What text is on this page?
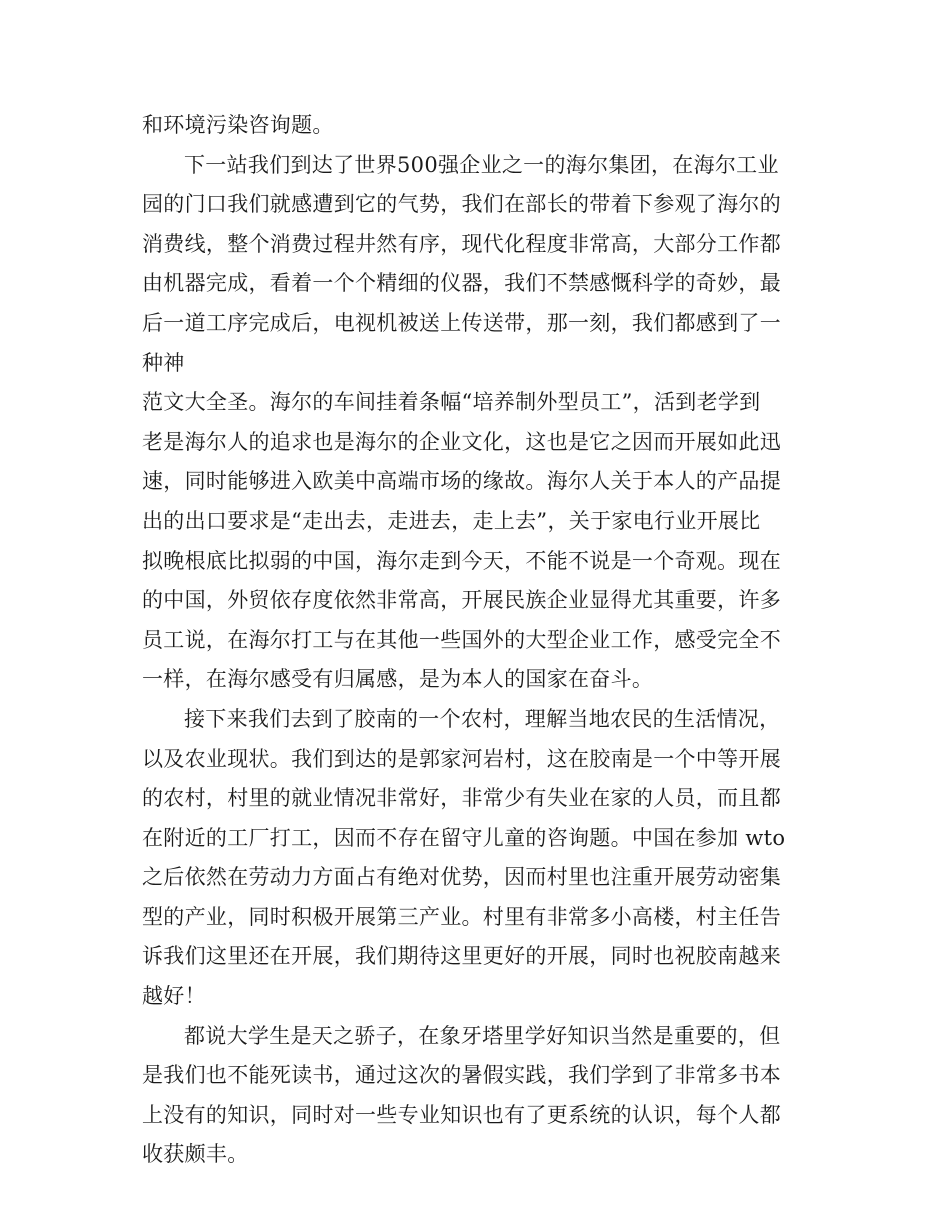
和环境污染咨询题。

下一站我们到达了世界500强企业之一的海尔集团，在海尔工业
园的门口我们就感遭到它的气势，我们在部长的带着下参观了海尔的
消费线，整个消费过程井然有序，现代化程度非常高，大部分工作都
由机器完成，看着一个个精细的仪器，我们不禁感慨科学的奇妙，最
后一道工序完成后，电视机被送上传送带，那一刻，我们都感到了一
种神

范文大全圣。海尔的车间挂着条幅“培养制外型员工”，活到老学到
老是海尔人的追求也是海尔的企业文化，这也是它之因而开展如此迅
速，同时能够进入欧美中高端市场的缘故。海尔人关于本人的产品提
出的出口要求是“走出去，走进去，走上去”，关于家电行业开展比
拟晚根底比拟弱的中国，海尔走到今天，不能不说是一个奇观。现在
的中国，外贸依存度依然非常高，开展民族企业显得尤其重要，许多
员工说，在海尔打工与在其他一些国外的大型企业工作，感受完全不
一样，在海尔感受有归属感，是为本人的国家在奋斗。

接下来我们去到了胶南的一个农村，理解当地农民的生活情况，
以及农业现状。我们到达的是郭家河岩村，这在胶南是一个中等开展
的农村，村里的就业情况非常好，非常少有失业在家的人员，而且都
在附近的工厂打工，因而不存在留守儿童的咨询题。中国在参加 wto
之后依然在劳动力方面占有绝对优势，因而村里也注重开展劳动密集
型的产业，同时积极开展第三产业。村里有非常多小高楼，村主任告
诉我们这里还在开展，我们期待这里更好的开展，同时也祝胶南越来
越好！

都说大学生是天之骄子，在象牙塔里学好知识当然是重要的，但
是我们也不能死读书，通过这次的暑假实践，我们学到了非常多书本
上没有的知识，同时对一些专业知识也有了更系统的认识，每个人都
收获颇丰。
